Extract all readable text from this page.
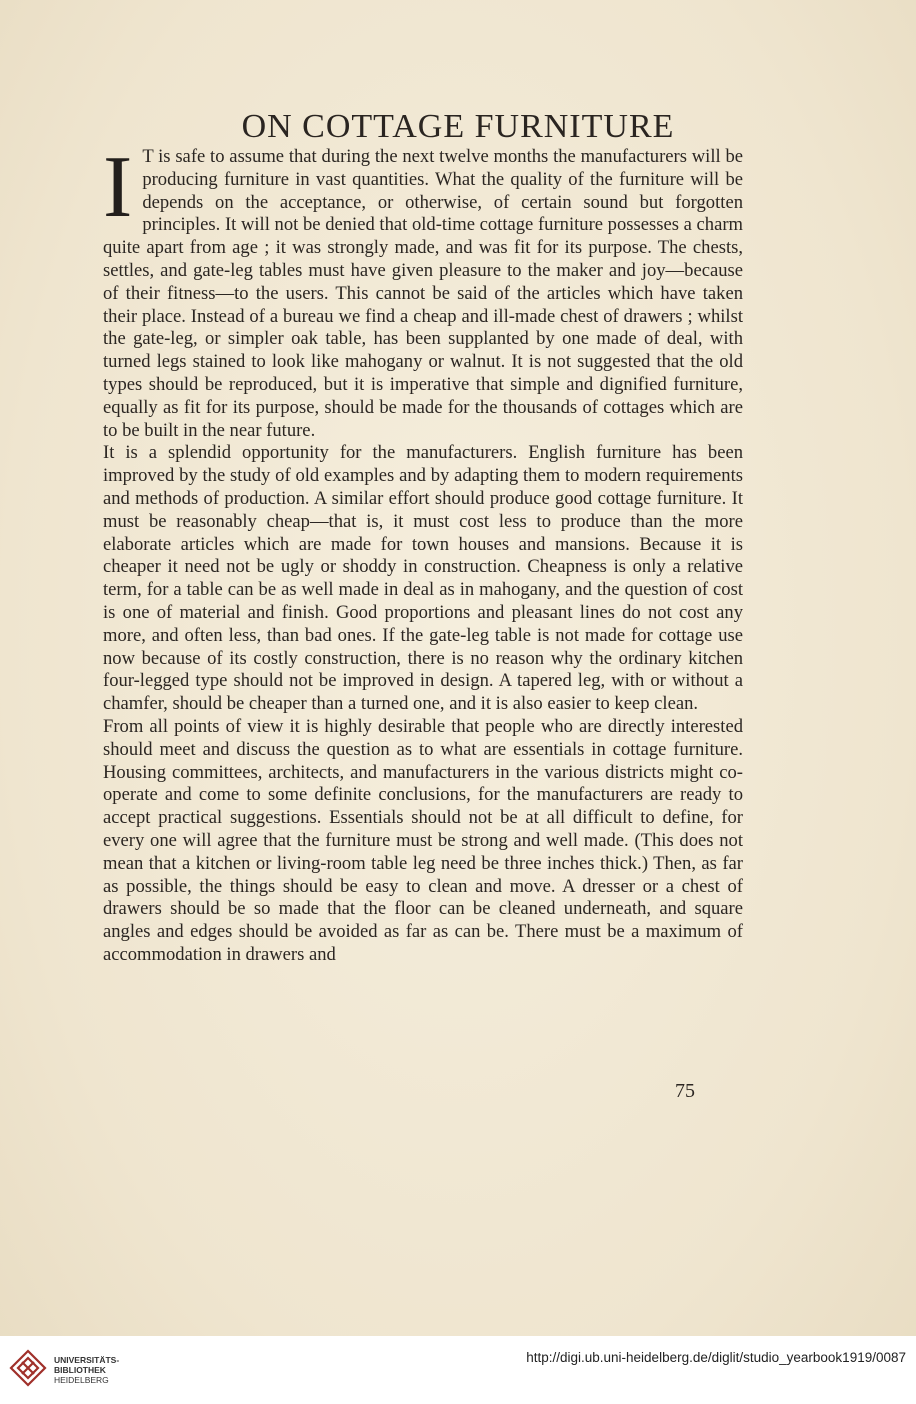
ON COTTAGE FURNITURE

I T is safe to assume that during the next twelve months the manufacturers will be producing furniture in vast quantities. What the quality of the furniture will be depends on the acceptance, or otherwise, of certain sound but forgotten principles. It will not be denied that old-time cottage furniture possesses a charm quite apart from age ; it was strongly made, and was fit for its purpose. The chests, settles, and gate-leg tables must have given pleasure to the maker and joy—because of their fitness—to the users. This cannot be said of the articles which have taken their place. Instead of a bureau we find a cheap and ill-made chest of drawers ; whilst the gate-leg, or simpler oak table, has been supplanted by one made of deal, with turned legs stained to look like mahogany or walnut. It is not suggested that the old types should be reproduced, but it is imperative that simple and dignified furniture, equally as fit for its purpose, should be made for the thousands of cottages which are to be built in the near future.

It is a splendid opportunity for the manufacturers. English furniture has been improved by the study of old examples and by adapting them to modern requirements and methods of production. A similar effort should produce good cottage furniture. It must be reasonably cheap—that is, it must cost less to produce than the more elaborate articles which are made for town houses and mansions. Because it is cheaper it need not be ugly or shoddy in construction. Cheapness is only a relative term, for a table can be as well made in deal as in mahogany, and the question of cost is one of material and finish. Good proportions and pleasant lines do not cost any more, and often less, than bad ones. If the gate-leg table is not made for cottage use now because of its costly construction, there is no reason why the ordinary kitchen four-legged type should not be improved in design. A tapered leg, with or without a chamfer, should be cheaper than a turned one, and it is also easier to keep clean.

From all points of view it is highly desirable that people who are directly interested should meet and discuss the question as to what are essentials in cottage furniture. Housing committees, architects, and manufacturers in the various districts might co-operate and come to some definite conclusions, for the manufacturers are ready to accept practical suggestions. Essentials should not be at all difficult to define, for every one will agree that the furniture must be strong and well made. (This does not mean that a kitchen or living-room table leg need be three inches thick.) Then, as far as possible, the things should be easy to clean and move. A dresser or a chest of drawers should be so made that the floor can be cleaned underneath, and square angles and edges should be avoided as far as can be. There must be a maximum of accommodation in drawers and

75
UNIVERSITÄTS-
BIBLIOTHEK
HEIDELBERG
http://digi.ub.uni-heidelberg.de/diglit/studio_yearbook1919/0087
